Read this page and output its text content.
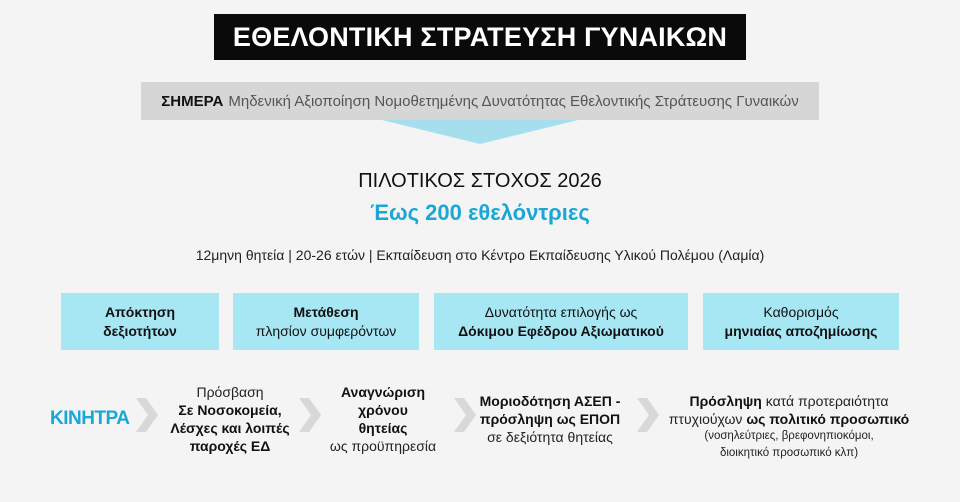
ΕΘΕΛΟΝΤΙΚΗ ΣΤΡΑΤΕΥΣΗ ΓΥΝΑΙΚΩΝ
ΣΗΜΕΡΑ Μηδενική Αξιοποίηση Νομοθετημένης Δυνατότητας Εθελοντικής Στράτευσης Γυναικών
ΠΙΛΟΤΙΚΟΣ ΣΤΟΧΟΣ 2026
Έως 200 εθελόντριες
12μηνη θητεία | 20-26 ετών | Εκπαίδευση στο Κέντρο Εκπαίδευσης Υλικού Πολέμου (Λαμία)
Απόκτηση
δεξιοτήτων
Μετάθεση
πλησίον συμφερόντων
Δυνατότητα επιλογής ως
Δόκιμου Εφέδρου Αξιωματικού
Καθορισμός
μηνιαίας αποζημίωσης
ΚΙΝΗΤΡΑ
Πρόσβαση
Σε Νοσοκομεία,
Λέσχες και λοιπές
παροχές ΕΔ
Αναγνώριση
χρόνου
θητείας
ως προϋπηρεσία
Μοριοδότηση ΑΣΕΠ -
πρόσληψη ως ΕΠΟΠ
σε δεξιότητα θητείας
Πρόσληψη κατά προτεραιότητα
πτυχιούχων ως πολιτικό προσωπικό
(νοσηλεύτριες, βρεφονηπιοκόμοι,
διοικητικό προσωπικό κλπ)
